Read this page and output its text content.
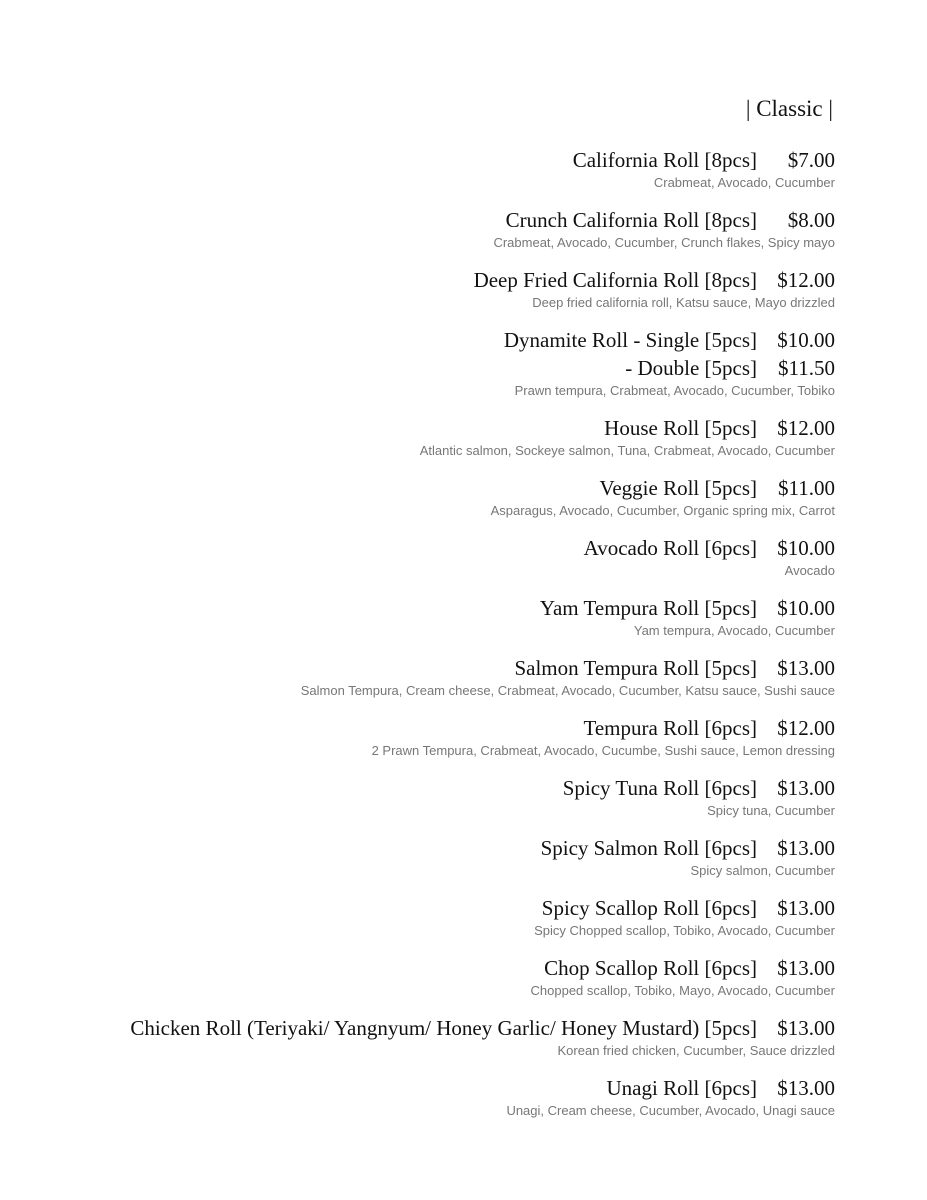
| Classic |
California Roll [8pcs]	$7.00
Crabmeat, Avocado, Cucumber
Crunch California Roll [8pcs]	$8.00
Crabmeat, Avocado, Cucumber, Crunch flakes, Spicy mayo
Deep Fried California Roll [8pcs] $12.00
Deep fried california roll, Katsu sauce, Mayo drizzled
Dynamite Roll - Single [5pcs] $10.00
- Double [5pcs] $11.50
Prawn tempura, Crabmeat, Avocado, Cucumber, Tobiko
House Roll [5pcs] $12.00
Atlantic salmon, Sockeye salmon, Tuna, Crabmeat, Avocado, Cucumber
Veggie Roll [5pcs] $11.00
Asparagus, Avocado, Cucumber, Organic spring mix, Carrot
Avocado Roll [6pcs] $10.00
Avocado
Yam Tempura Roll [5pcs] $10.00
Yam tempura, Avocado, Cucumber
Salmon Tempura Roll [5pcs] $13.00
Salmon Tempura, Cream cheese, Crabmeat, Avocado, Cucumber, Katsu sauce, Sushi sauce
Tempura Roll [6pcs] $12.00
2 Prawn Tempura, Crabmeat, Avocado, Cucumbe, Sushi sauce, Lemon dressing
Spicy Tuna Roll [6pcs] $13.00
Spicy tuna, Cucumber
Spicy Salmon Roll [6pcs] $13.00
Spicy salmon, Cucumber
Spicy Scallop Roll [6pcs] $13.00
Spicy Chopped scallop, Tobiko, Avocado, Cucumber
Chop Scallop Roll [6pcs] $13.00
Chopped scallop, Tobiko, Mayo, Avocado, Cucumber
Chicken Roll (Teriyaki/ Yangnyum/ Honey Garlic/ Honey Mustard) [5pcs] $13.00
Korean fried chicken, Cucumber, Sauce drizzled
Unagi Roll [6pcs] $13.00
Unagi, Cream cheese, Cucumber, Avocado, Unagi sauce
